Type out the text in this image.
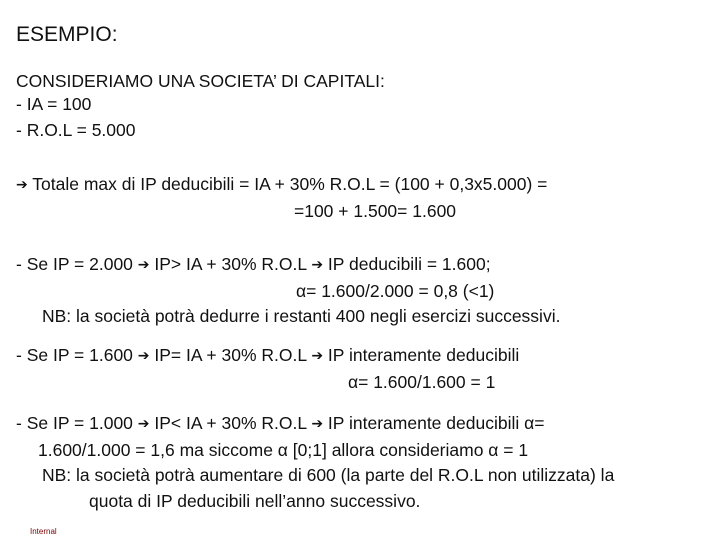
ESEMPIO:
CONSIDERIAMO UNA SOCIETA’ DI CAPITALI:
- IA = 100
- R.O.L = 5.000
➔ Totale max di IP deducibili = IA + 30% R.O.L = (100 + 0,3x5.000) =
=100 + 1.500= 1.600
- Se IP = 2.000 ➔ IP> IA + 30% R.O.L ➔ IP deducibili = 1.600;
α= 1.600/2.000 = 0,8 (<1)
NB: la società potrà dedurre i restanti 400 negli esercizi successivi.
- Se IP = 1.600 ➔ IP= IA + 30% R.O.L ➔ IP interamente deducibili
α= 1.600/1.600 = 1
- Se IP = 1.000 ➔ IP< IA + 30% R.O.L ➔ IP interamente deducibili α=
1.600/1.000 = 1,6 ma siccome α [0;1] allora consideriamo α = 1
NB: la società potrà aumentare di 600 (la parte del R.O.L non utilizzata) la
quota di IP deducibili nell’anno successivo.
Internal
